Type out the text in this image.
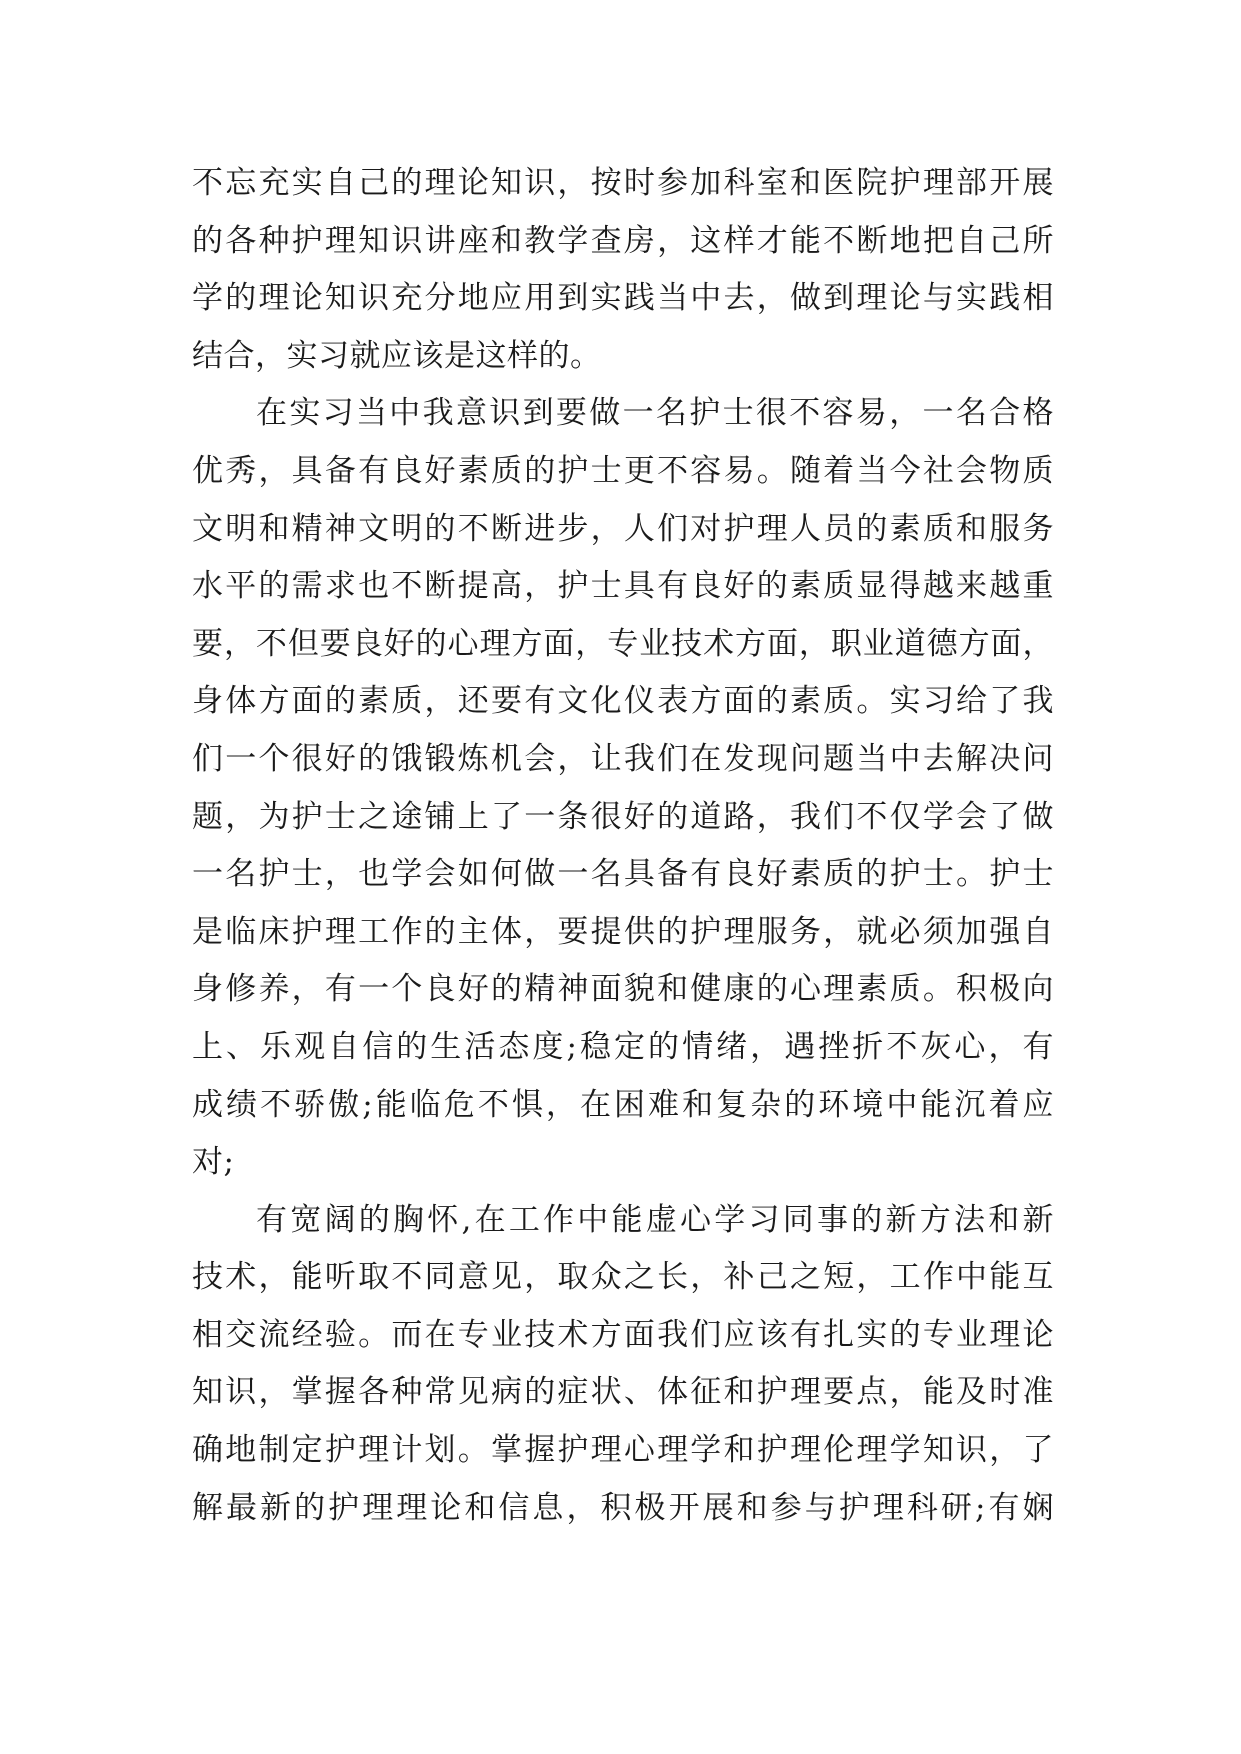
不忘充实自己的理论知识，按时参加科室和医院护理部开展
的各种护理知识讲座和教学查房，这样才能不断地把自己所
学的理论知识充分地应用到实践当中去，做到理论与实践相
结合，实习就应该是这样的。
在实习当中我意识到要做一名护士很不容易，一名合格
优秀，具备有良好素质的护士更不容易。随着当今社会物质
文明和精神文明的不断进步，人们对护理人员的素质和服务
水平的需求也不断提高，护士具有良好的素质显得越来越重
要，不但要良好的心理方面，专业技术方面，职业道德方面，
身体方面的素质，还要有文化仪表方面的素质。实习给了我
们一个很好的饿锻炼机会，让我们在发现问题当中去解决问
题，为护士之途铺上了一条很好的道路，我们不仅学会了做
一名护士，也学会如何做一名具备有良好素质的护士。护士
是临床护理工作的主体，要提供的护理服务，就必须加强自
身修养，有一个良好的精神面貌和健康的心理素质。积极向
上、乐观自信的生活态度;稳定的情绪，遇挫折不灰心，有
成绩不骄傲;能临危不惧，在困难和复杂的环境中能沉着应
对;
有宽阔的胸怀,在工作中能虚心学习同事的新方法和新
技术，能听取不同意见，取众之长，补己之短，工作中能互
相交流经验。而在专业技术方面我们应该有扎实的专业理论
知识，掌握各种常见病的症状、体征和护理要点，能及时准
确地制定护理计划。掌握护理心理学和护理伦理学知识，了
解最新的护理理论和信息，积极开展和参与护理科研;有娴
